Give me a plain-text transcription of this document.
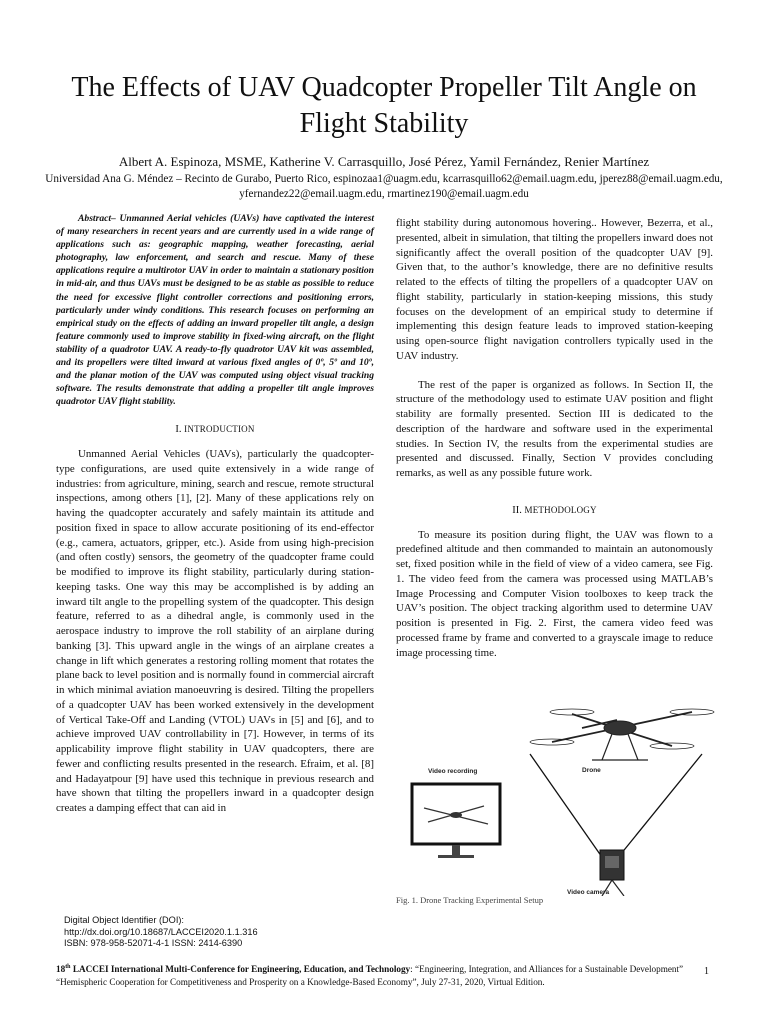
The Effects of UAV Quadcopter Propeller Tilt Angle on Flight Stability
Albert A. Espinoza, MSME, Katherine V. Carrasquillo, José Pérez, Yamil Fernández, Renier Martínez
Universidad Ana G. Méndez – Recinto de Gurabo, Puerto Rico, espinozaa1@uagm.edu, kcarrasquillo62@email.uagm.edu, jperez88@email.uagm.edu, yfernandez22@email.uagm.edu, rmartinez190@email.uagm.edu

Abstract– Unmanned Aerial vehicles (UAVs) have captivated the interest of many researchers in recent years and are currently used in a wide range of applications such as: geographic mapping, weather forecasting, aerial photography, law enforcement, and search and rescue. Many of these applications require a multirotor UAV in order to maintain a stationary position in mid-air, and thus UAVs must be designed to be as stable as possible to reduce the need for excessive flight controller corrections and positioning errors, particularly under windy conditions. This research focuses on performing an empirical study on the effects of adding an inward propeller tilt angle, a design feature commonly used to improve stability in fixed-wing aircraft, on the flight stability of a quadrotor UAV. A ready-to-fly quadrotor UAV kit was assembled, and its propellers were tilted inward at various fixed angles of 0º, 5º and 10º, and the planar motion of the UAV was computed using object visual tracking software. The results demonstrate that adding a propeller tilt angle improves quadrotor UAV flight stability.

I. INTRODUCTION

Unmanned Aerial Vehicles (UAVs), particularly the quadcopter-type configurations, are used quite extensively in a wide range of industries: from agriculture, mining, search and rescue, remote structural inspections, among others [1], [2]. Many of these applications rely on having the quadcopter accurately and safely maintain its attitude and position fixed in space to allow accurate positioning of its end-effector (e.g., camera, actuators, gripper, etc.). Aside from using high-precision (and often costly) sensors, the geometry of the quadcopter frame could be modified to improve its flight stability, particularly during station-keeping tasks. One way this may be accomplished is by adding an inward tilt angle to the propelling system of the quadcopter. This design feature, referred to as a dihedral angle, is commonly used in the aerospace industry to improve the roll stability of an airplane during banking [3]. This upward angle in the wings of an airplane creates a change in lift which generates a restoring rolling moment that rotates the plane back to level position and is normally found in commercial aircraft in which minimal aviation manoeuvring is desired. Tilting the propellers of a quadcopter UAV has been worked extensively in the development of Vertical Take-Off and Landing (VTOL) UAVs in [5] and [6], and to achieve improved UAV controllability in [7]. However, in terms of its applicability improve flight stability in UAV quadcopters, there are fewer and conflicting results presented in the research. Efraim, et al. [8] and Hadayatpour [9] have used this technique in previous research and have shown that tilting the propellers inward in a quadcopter design creates a damping effect that can aid in

flight stability during autonomous hovering.. However, Bezerra, et al., presented, albeit in simulation, that tilting the propellers inward does not significantly affect the overall position of the quadcopter UAV [9]. Given that, to the author’s knowledge, there are no definitive results related to the effects of tilting the propellers of a quadcopter UAV on flight stability, particularly in station-keeping missions, this study focuses on the development of an empirical study to determine if implementing this design feature leads to improved station-keeping using open-source flight navigation controllers typically used in the UAV industry.

The rest of the paper is organized as follows. In Section II, the structure of the methodology used to estimate UAV position and flight stability are formally presented. Section III is dedicated to the description of the hardware and software used in the experimental studies. In Section IV, the results from the experimental studies are presented and discussed. Finally, Section V provides concluding remarks, as well as any possible future work.

II. METHODOLOGY

To measure its position during flight, the UAV was flown to a predefined altitude and then commanded to maintain an autonomously set, fixed position while in the field of view of a video camera, see Fig. 1. The video feed from the camera was processed using MATLAB’s Image Processing and Computer Vision toolboxes to keep track the UAV’s position. The object tracking algorithm used to determine UAV position is presented in Fig. 2. First, the camera video feed was processed frame by frame and converted to a grayscale image to reduce image processing time.

Drone
Video recording
Video camera
Fig. 1. Drone Tracking Experimental Setup
Digital Object Identifier (DOI):
http://dx.doi.org/10.18687/LACCEI2020.1.1.316
ISBN: 978-958-52071-4-1 ISSN: 2414-6390
18th LACCEI International Multi-Conference for Engineering, Education, and Technology: “Engineering, Integration, and Alliances for a Sustainable Development” “Hemispheric Cooperation for Competitiveness and Prosperity on a Knowledge-Based Economy”, July 27-31, 2020, Virtual Edition.
1
